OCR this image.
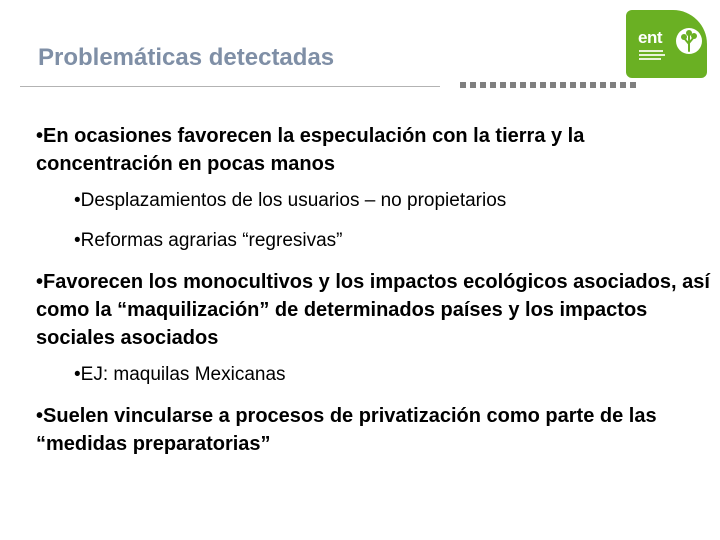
Problemáticas detectadas
ent
•En ocasiones favorecen la especulación con la tierra y la concentración en pocas manos
•Desplazamientos de los usuarios – no propietarios
•Reformas agrarias “regresivas”
•Favorecen los monocultivos y los impactos ecológicos asociados, así como la “maquilización” de determinados países y los impactos sociales asociados
•EJ: maquilas Mexicanas
•Suelen vincularse a procesos de privatización como parte de las “medidas preparatorias”
